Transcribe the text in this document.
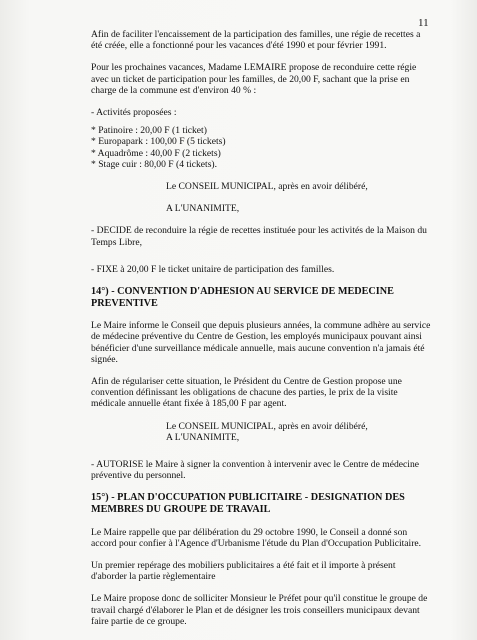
11

Afin de faciliter l'encaissement de la participation des familles, une régie de recettes a été créée, elle a fonctionné pour les vacances d'été 1990 et pour février 1991.

Pour les prochaines vacances, Madame LEMAIRE propose de reconduire cette régie avec un ticket de participation pour les familles, de 20,00 F, sachant que la prise en charge de la commune est d'environ 40 % :

- Activités proposées :

* Patinoire : 20,00 F (1 ticket)

* Europapark : 100,00 F (5 tickets)

* Aquadrôme : 40,00 F (2 tickets)

* Stage cuir : 80,00 F (4 tickets).

Le CONSEIL MUNICIPAL, après en avoir délibéré,

A L'UNANIMITE,

- DECIDE de reconduire la régie de recettes instituée pour les activités de la Maison du Temps Libre,

- FIXE à 20,00 F le ticket unitaire de participation des familles.

14°) - CONVENTION D'ADHESION AU SERVICE DE MEDECINE PREVENTIVE

Le Maire informe le Conseil que depuis plusieurs années, la commune adhère au service de médecine préventive du Centre de Gestion, les employés municipaux pouvant ainsi bénéficier d'une surveillance médicale annuelle, mais aucune convention n'a jamais été signée.

Afin de régulariser cette situation, le Président du Centre de Gestion propose une convention définissant les obligations de chacune des parties, le prix de la visite médicale annuelle étant fixée à 185,00 F par agent.

Le CONSEIL MUNICIPAL, après en avoir délibéré,

A L'UNANIMITE,

- AUTORISE le Maire à signer la convention à intervenir avec le Centre de médecine préventive du personnel.

15°) - PLAN D'OCCUPATION PUBLICITAIRE - DESIGNATION DES MEMBRES DU GROUPE DE TRAVAIL

Le Maire rappelle que par délibération du 29 octobre 1990, le Conseil a donné son accord pour confier à l'Agence d'Urbanisme l'étude du Plan d'Occupation Publicitaire.

Un premier repérage des mobiliers publicitaires a été fait et il importe à présent d'aborder la partie règlementaire

Le Maire propose donc de solliciter Monsieur le Préfet pour qu'il constitue le groupe de travail chargé d'élaborer le Plan et de désigner les trois conseillers municipaux devant faire partie de ce groupe.
